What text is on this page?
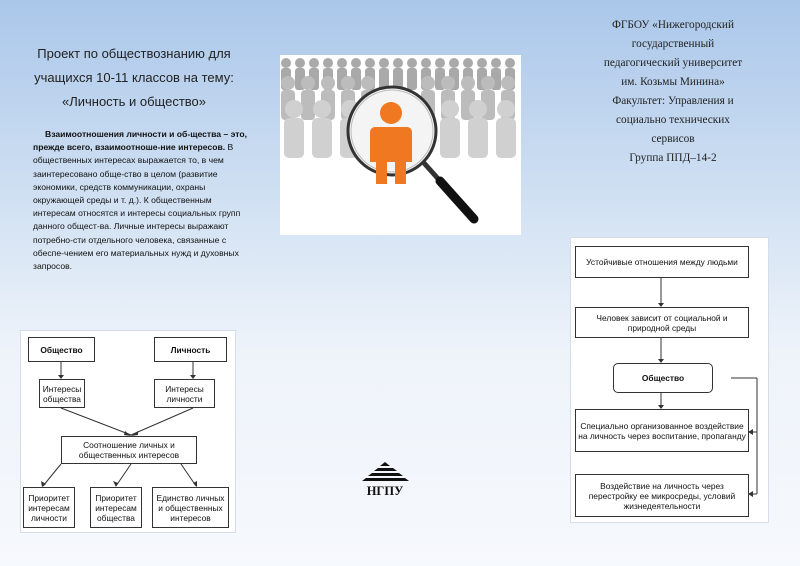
Проект по обществознанию для
учащихся 10-11 классов на тему:
«Личность и общество»
Взаимоотношения личности и об-щества – это, прежде всего, взаимоотноше-ние интересов. В общественных интересах выражается то, в чем заинтересовано обще-ство в целом (развитие экономики, средств коммуникации, охраны окружающей среды и т. д.). К общественным интересам относятся и интересы социальных групп данного общест-ва. Личные интересы выражают потребно-сти отдельного человека, связанные с обеспе-чением его материальных нужд и духовных запросов.
Общество	Личность
Интересы общества
Интересы личности
Соотношение личных и общественных интересов
Приоритет интересам личности
Приоритет интересам общества
Единство личных и общественных интересов
НГПУ
ФГБОУ «Нижегородский
государственный
педагогический университет
им. Козьмы Минина»
Факультет: Управления и
социально технических
сервисов
Группа ППД–14-2
Устойчивые отношения между людьми
Человек зависит от социальной и природной среды
Общество
Специально организованное воздействие на личность через воспитание, пропаганду
Воздействие на личность через перестройку ее микросреды, условий жизнедеятельности
